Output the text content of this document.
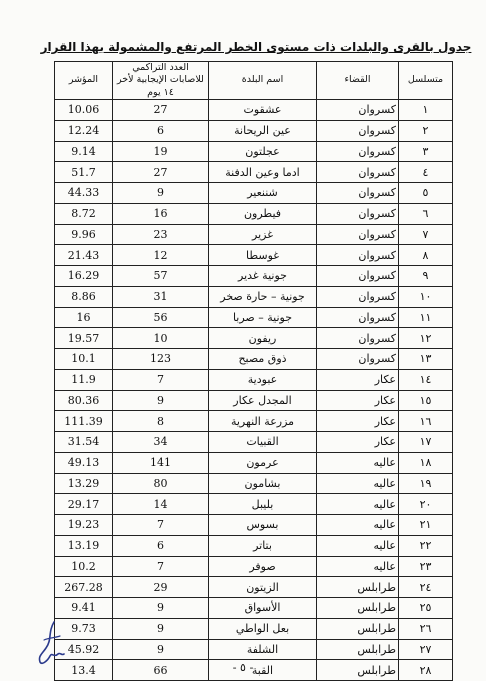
جدول بالقرى والبلدات ذات مستوى الخطر المرتفع والمشمولة بهذا القرار
متسلسل	القضاء	اسم البلدة	العدد التراكمي للاصابات الإيجابية لأخر ١٤ يوم	المؤشر
١	كسروان	عشقوت	27	10.06
٢	كسروان	عين الريحانة	6	12.24
٣	كسروان	عجلتون	19	9.14
٤	كسروان	ادما وعين الدفنة	27	51.7
٥	كسروان	شننعير	9	44.33
٦	كسروان	فيطرون	16	8.72
٧	كسروان	غزير	23	9.96
٨	كسروان	غوسطا	12	21.43
٩	كسروان	جونية غدير	57	16.29
١٠	كسروان	جونية – حارة صخر	31	8.86
١١	كسروان	جونية – صربا	56	16
١٢	كسروان	ريفون	10	19.57
١٣	كسروان	ذوق مصبح	123	10.1
١٤	عكار	عبودية	7	11.9
١٥	عكار	المجدل عكار	9	80.36
١٦	عكار	مزرعة النهرية	8	111.39
١٧	عكار	القبيات	34	31.54
١٨	عاليه	عرمون	141	49.13
١٩	عاليه	بشامون	80	13.29
٢٠	عاليه	بليبل	14	29.17
٢١	عاليه	بسوس	7	19.23
٢٢	عاليه	بتاتر	6	13.19
٢٣	عاليه	صوفر	7	10.2
٢٤	طرابلس	الزيتون	29	267.28
٢٥	طرابلس	الأسواق	9	9.41
٢٦	طرابلس	بعل الواطي	9	9.73
٢٧	طرابلس	الشلفة	9	45.92
٢٨	طرابلس	القبة	66	13.4	- ٥ -
